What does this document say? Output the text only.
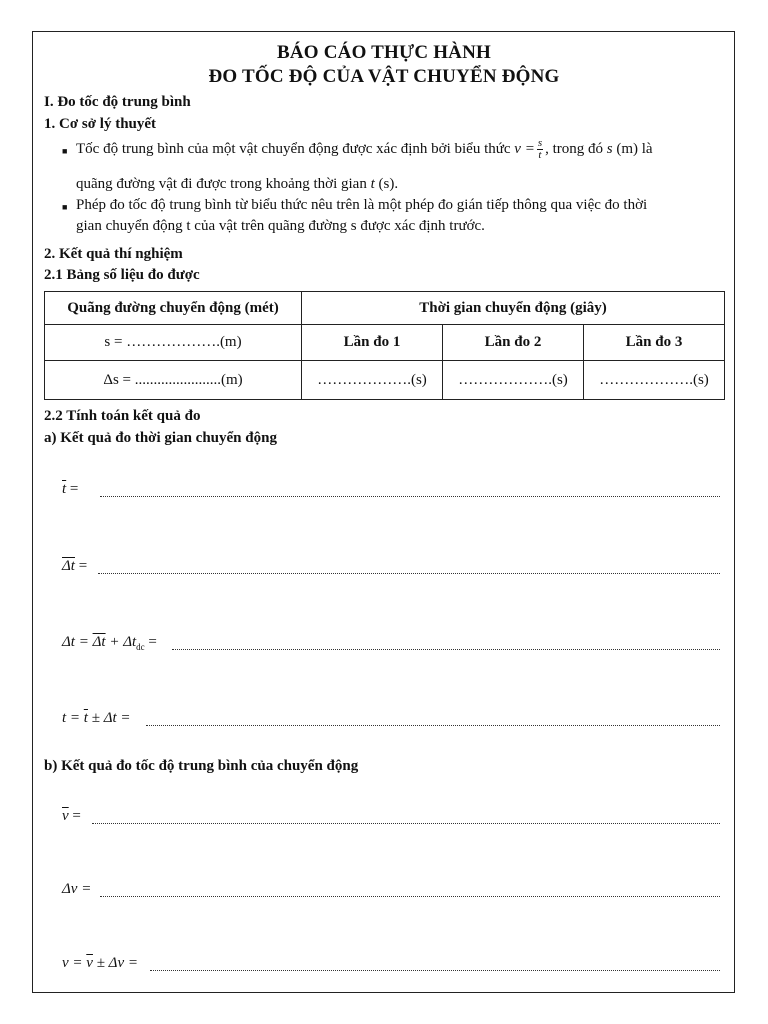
BÁO CÁO THỰC HÀNH
ĐO TỐC ĐỘ CỦA VẬT CHUYỂN ĐỘNG
I. Đo tốc độ trung bình
1. Cơ sở lý thuyết
■ Tốc độ trung bình của một vật chuyển động được xác định bởi biểu thức $v = \frac{s}{t}$ , trong đó s (m) là
quãng đường vật đi được trong khoảng thời gian t (s).
■ Phép đo tốc độ trung bình từ biểu thức nêu trên là một phép đo gián tiếp thông qua việc đo thời
gian chuyển động t của vật trên quãng đường s được xác định trước.
2. Kết quả thí nghiệm
2.1 Bảng số liệu đo được
Quãng đường chuyển động (mét)	Thời gian chuyển động (giây)		
s = ……………….(m)	Lần đo 1	Lần đo 2	Lần đo 3
Δs = .......................(m)	……………….(s)	……………….(s)	……………….(s)
2.2 Tính toán kết quả đo
a) Kết quả đo thời gian chuyển động
$\overline{t}$ =
$\overline{\Delta t}$ =
$\Delta t = \overline{\Delta t} + \Delta t_{dc}$ =
$t = \overline{t} \pm \Delta t$ =
b) Kết quả đo tốc độ trung bình của chuyển động
$\overline{v}$ =
Δv =
$v = \overline{v} \pm \Delta v$ =
